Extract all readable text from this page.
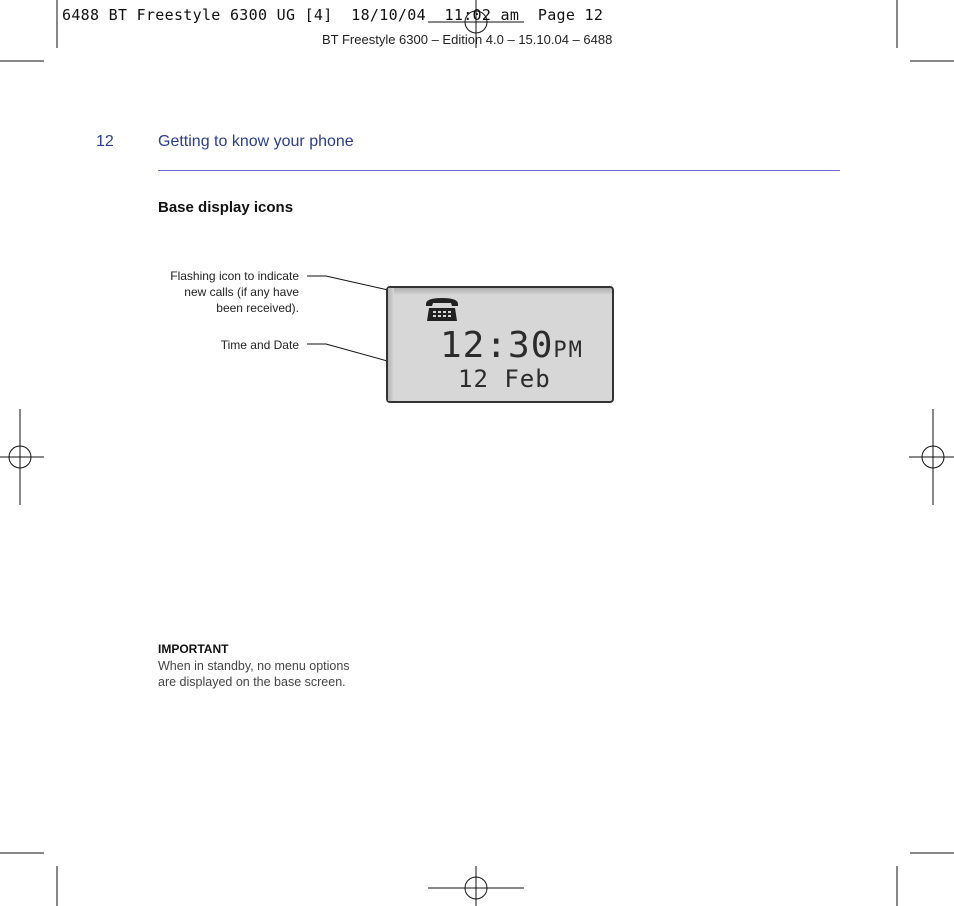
6488 BT Freestyle 6300 UG [4]  18/10/04  11:02 am  Page 12
BT Freestyle 6300 – Edition 4.0 – 15.10.04 – 6488
12	Getting to know your phone
Base display icons
Flashing icon to indicate
new calls (if any have
been received).
Time and Date	12:30PM
12 Feb
IMPORTANT
When in standby, no menu options
are displayed on the base screen.
